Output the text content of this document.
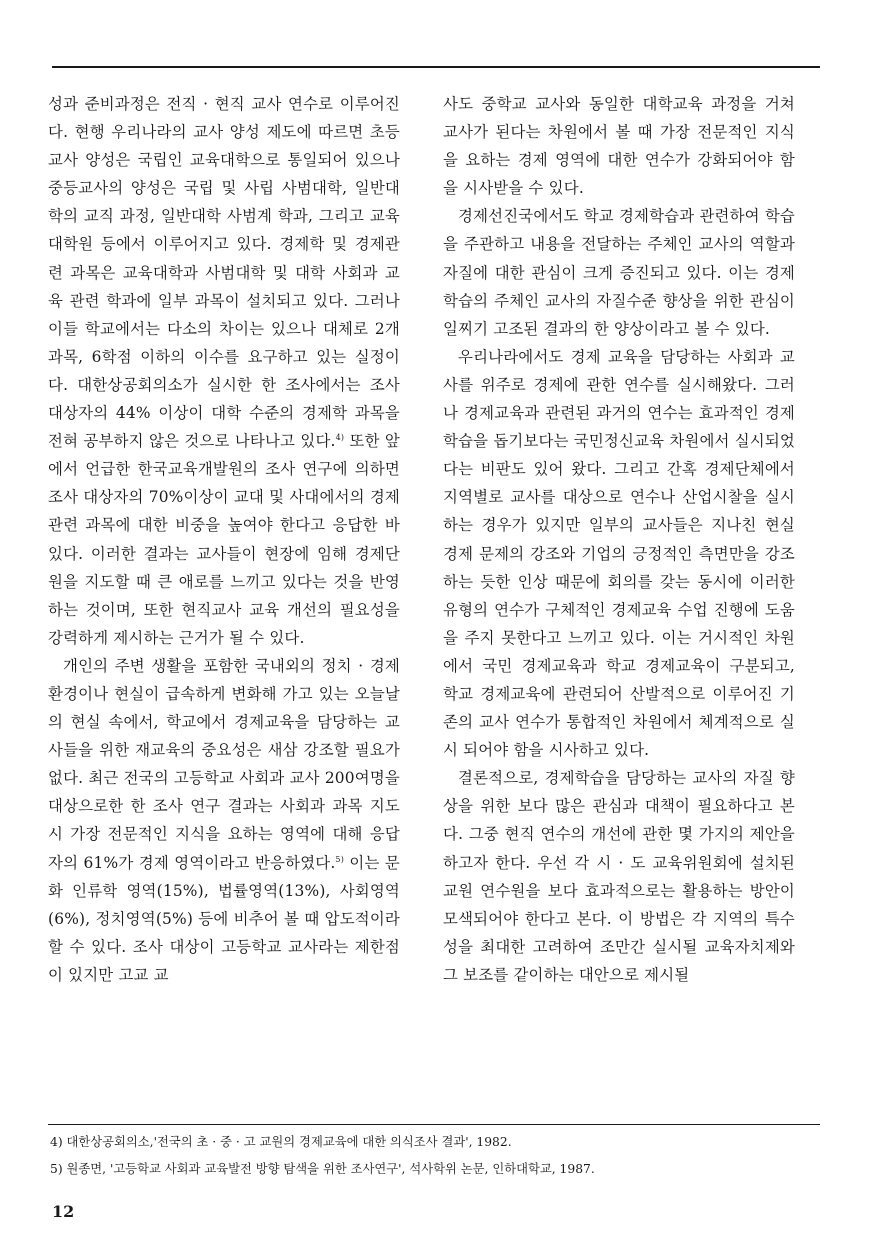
성과 준비과정은 전직 · 현직 교사 연수로 이루어진다. 현행 우리나라의 교사 양성 제도에 따르면 초등교사 양성은 국립인 교육대학으로 통일되어 있으나 중등교사의 양성은 국립 및 사립 사범대학, 일반대학의 교직 과정, 일반대학 사범계 학과, 그리고 교육대학원 등에서 이루어지고 있다. 경제학 및 경제관련 과목은 교육대학과 사범대학 및 대학 사회과 교육 관련 학과에 일부 과목이 설치되고 있다. 그러나 이들 학교에서는 다소의 차이는 있으나 대체로 2개과목, 6학점 이하의 이수를 요구하고 있는 실정이다. 대한상공회의소가 실시한 한 조사에서는 조사 대상자의 44% 이상이 대학 수준의 경제학 과목을 전혀 공부하지 않은 것으로 나타나고 있다.$^{4)}$ 또한 앞에서 언급한 한국교육개발원의 조사 연구에 의하면 조사 대상자의 70%이상이 교대 및 사대에서의 경제관련 과목에 대한 비중을 높여야 한다고 응답한 바 있다. 이러한 결과는 교사들이 현장에 임해 경제단원을 지도할 때 큰 애로를 느끼고 있다는 것을 반영하는 것이며, 또한 현직교사 교육 개선의 필요성을 강력하게 제시하는 근거가 될 수 있다.

개인의 주변 생활을 포함한 국내외의 정치 · 경제 환경이나 현실이 급속하게 변화해 가고 있는 오늘날의 현실 속에서, 학교에서 경제교육을 담당하는 교사들을 위한 재교육의 중요성은 새삼 강조할 필요가 없다. 최근 전국의 고등학교 사회과 교사 200여명을 대상으로한 한 조사 연구 결과는 사회과 과목 지도시 가장 전문적인 지식을 요하는 영역에 대해 응답자의 61%가 경제 영역이라고 반응하였다.$^{5)}$ 이는 문화 인류학 영역(15%), 법률영역(13%), 사회영역(6%), 정치영역(5%) 등에 비추어 볼 때 압도적이라 할 수 있다. 조사 대상이 고등학교 교사라는 제한점이 있지만 고교 교

사도 중학교 교사와 동일한 대학교육 과정을 거쳐 교사가 된다는 차원에서 볼 때 가장 전문적인 지식을 요하는 경제 영역에 대한 연수가 강화되어야 함을 시사받을 수 있다.

경제선진국에서도 학교 경제학습과 관련하여 학습을 주관하고 내용을 전달하는 주체인 교사의 역할과 자질에 대한 관심이 크게 증진되고 있다. 이는 경제학습의 주체인 교사의 자질수준 향상을 위한 관심이 일찌기 고조된 결과의 한 양상이라고 볼 수 있다.

우리나라에서도 경제 교육을 담당하는 사회과 교사를 위주로 경제에 관한 연수를 실시해왔다. 그러나 경제교육과 관련된 과거의 연수는 효과적인 경제학습을 돕기보다는 국민정신교육 차원에서 실시되었다는 비판도 있어 왔다. 그리고 간혹 경제단체에서 지역별로 교사를 대상으로 연수나 산업시찰을 실시하는 경우가 있지만 일부의 교사들은 지나친 현실 경제 문제의 강조와 기업의 긍정적인 측면만을 강조하는 듯한 인상 때문에 회의를 갖는 동시에 이러한 유형의 연수가 구체적인 경제교육 수업 진행에 도움을 주지 못한다고 느끼고 있다. 이는 거시적인 차원에서 국민 경제교육과 학교 경제교육이 구분되고, 학교 경제교육에 관련되어 산발적으로 이루어진 기존의 교사 연수가 통합적인 차원에서 체계적으로 실시 되어야 함을 시사하고 있다.

결론적으로, 경제학습을 담당하는 교사의 자질 향상을 위한 보다 많은 관심과 대책이 필요하다고 본다. 그중 현직 연수의 개선에 관한 몇 가지의 제안을 하고자 한다. 우선 각 시 · 도 교육위원회에 설치된 교원 연수원을 보다 효과적으로는 활용하는 방안이 모색되어야 한다고 본다. 이 방법은 각 지역의 특수성을 최대한 고려하여 조만간 실시될 교육자치제와 그 보조를 같이하는 대안으로 제시될

4) 대한상공회의소,'전국의 초 · 중 · 고 교원의 경제교육에 대한 의식조사 결과', 1982.

5) 원종면, '고등학교 사회과 교육발전 방향 탐색을 위한 조사연구', 석사학위 논문, 인하대학교, 1987.

12
